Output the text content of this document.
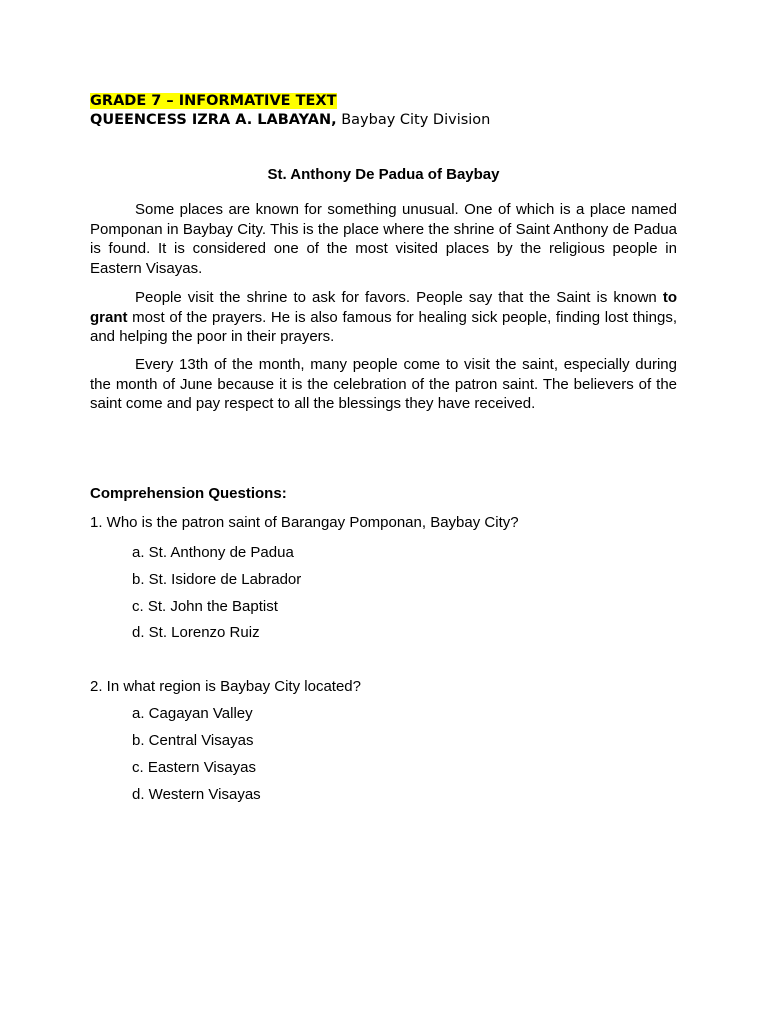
GRADE 7 – INFORMATIVE TEXT
QUEENCESS IZRA A. LABAYAN, Baybay City Division
St. Anthony De Padua of Baybay

Some places are known for something unusual. One of which is a place named Pomponan in Baybay City. This is the place where the shrine of Saint Anthony de Padua is found. It is considered one of the most visited places by the religious people in Eastern Visayas.

People visit the shrine to ask for favors. People say that the Saint is known to grant most of the prayers. He is also famous for healing sick people, finding lost things, and helping the poor in their prayers.

Every 13th of the month, many people come to visit the saint, especially during the month of June because it is the celebration of the patron saint. The believers of the saint come and pay respect to all the blessings they have received.

Comprehension Questions:
1. Who is the patron saint of Barangay Pomponan, Baybay City?
a. St. Anthony de Padua
b. St. Isidore de Labrador
c. St. John the Baptist
d. St. Lorenzo Ruiz
2. In what region is Baybay City located?
a. Cagayan Valley
b. Central Visayas
c. Eastern Visayas
d. Western Visayas
